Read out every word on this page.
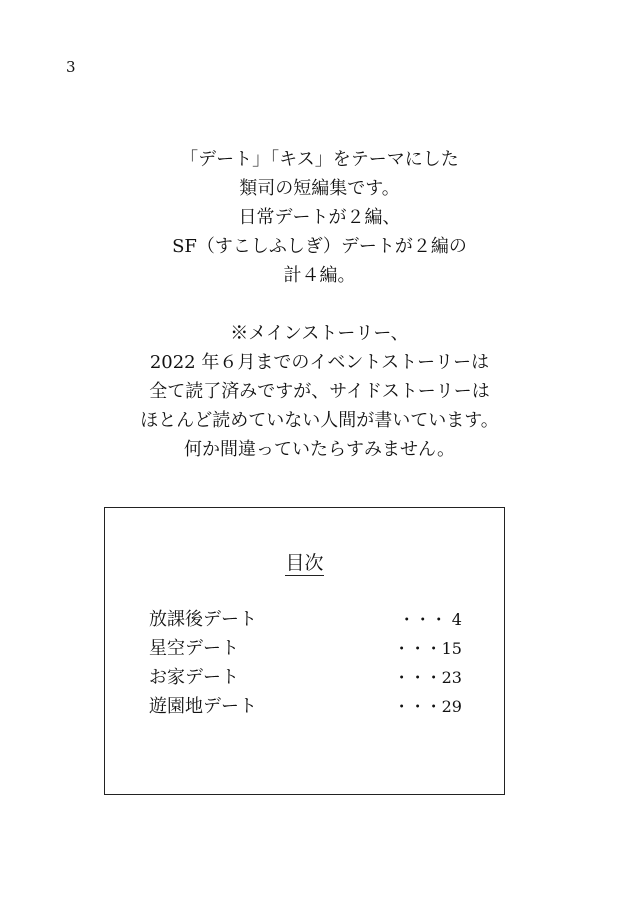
3
「デート」「キス」をテーマにした
類司の短編集です。
日常デートが２編、
SF（すこしふしぎ）デートが２編の
計４編。
※メインストーリー、
2022 年６月までのイベントストーリーは
全て読了済みですが、サイドストーリーは
ほとんど読めていない人間が書いています。
何か間違っていたらすみません。
目次
放課後デート	・・・ 4
星空デート	・・・15
お家デート	・・・23
遊園地デート	・・・29
